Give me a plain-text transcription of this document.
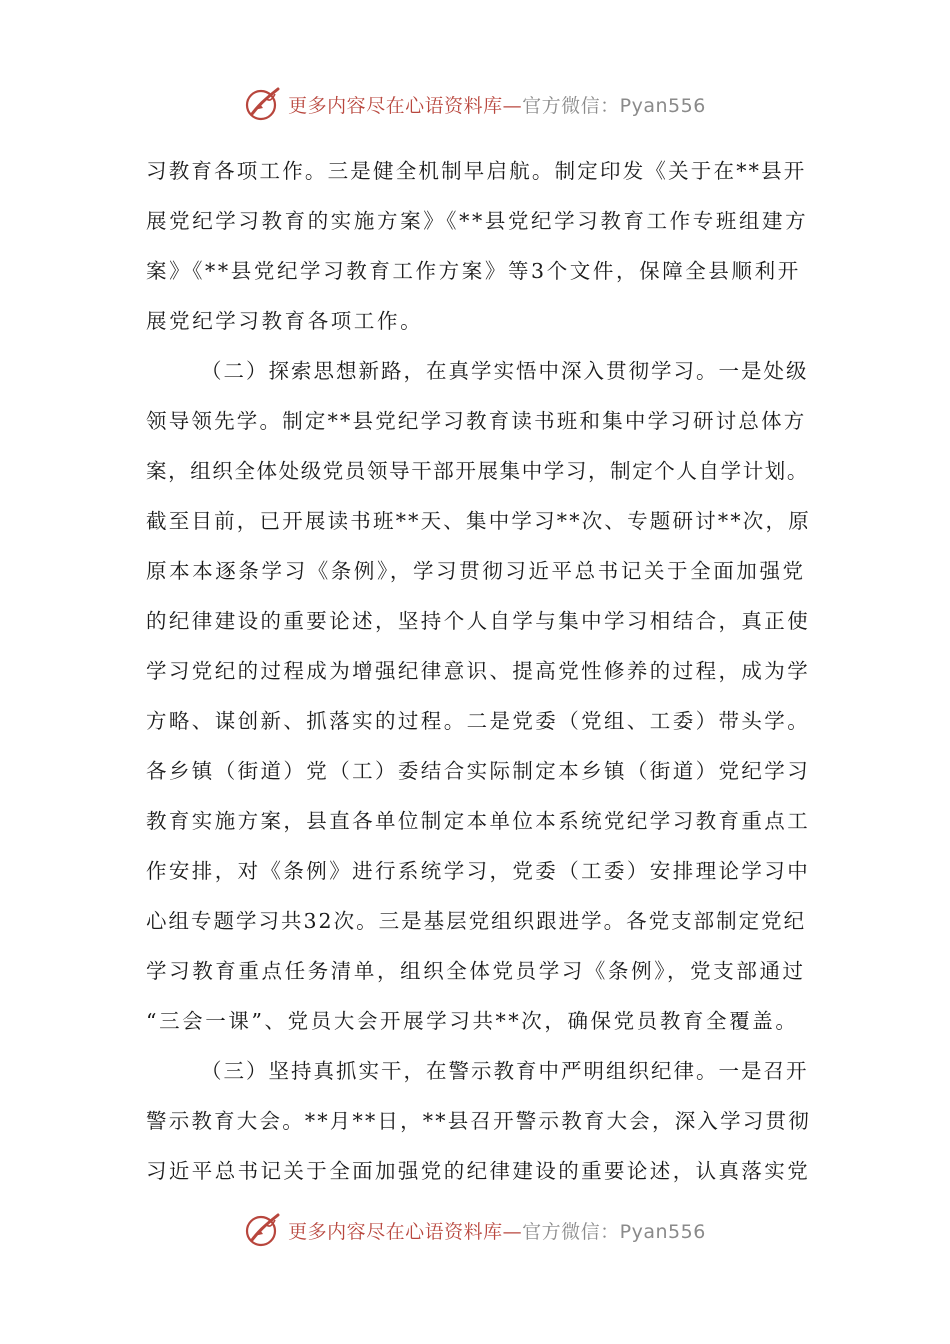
更多内容尽在心语资料库—官方微信：Pyan556

习教育各项工作。三是健全机制早启航。制定印发《关于在**县开
展党纪学习教育的实施方案》《**县党纪学习教育工作专班组建方
案》《**县党纪学习教育工作方案》等3个文件，保障全县顺利开
展党纪学习教育各项工作。

（二）探索思想新路，在真学实悟中深入贯彻学习。一是处级
领导领先学。制定**县党纪学习教育读书班和集中学习研讨总体方
案，组织全体处级党员领导干部开展集中学习，制定个人自学计划。
截至目前，已开展读书班**天、集中学习**次、专题研讨**次，原
原本本逐条学习《条例》，学习贯彻习近平总书记关于全面加强党
的纪律建设的重要论述，坚持个人自学与集中学习相结合，真正使
学习党纪的过程成为增强纪律意识、提高党性修养的过程，成为学
方略、谋创新、抓落实的过程。二是党委（党组、工委）带头学。
各乡镇（街道）党（工）委结合实际制定本乡镇（街道）党纪学习
教育实施方案，县直各单位制定本单位本系统党纪学习教育重点工
作安排，对《条例》进行系统学习，党委（工委）安排理论学习中
心组专题学习共32次。三是基层党组织跟进学。各党支部制定党纪
学习教育重点任务清单，组织全体党员学习《条例》，党支部通过
“三会一课”、党员大会开展学习共**次，确保党员教育全覆盖。

（三）坚持真抓实干，在警示教育中严明组织纪律。一是召开
警示教育大会。**月**日，**县召开警示教育大会，深入学习贯彻
习近平总书记关于全面加强党的纪律建设的重要论述，认真落实党

更多内容尽在心语资料库—官方微信：Pyan556
